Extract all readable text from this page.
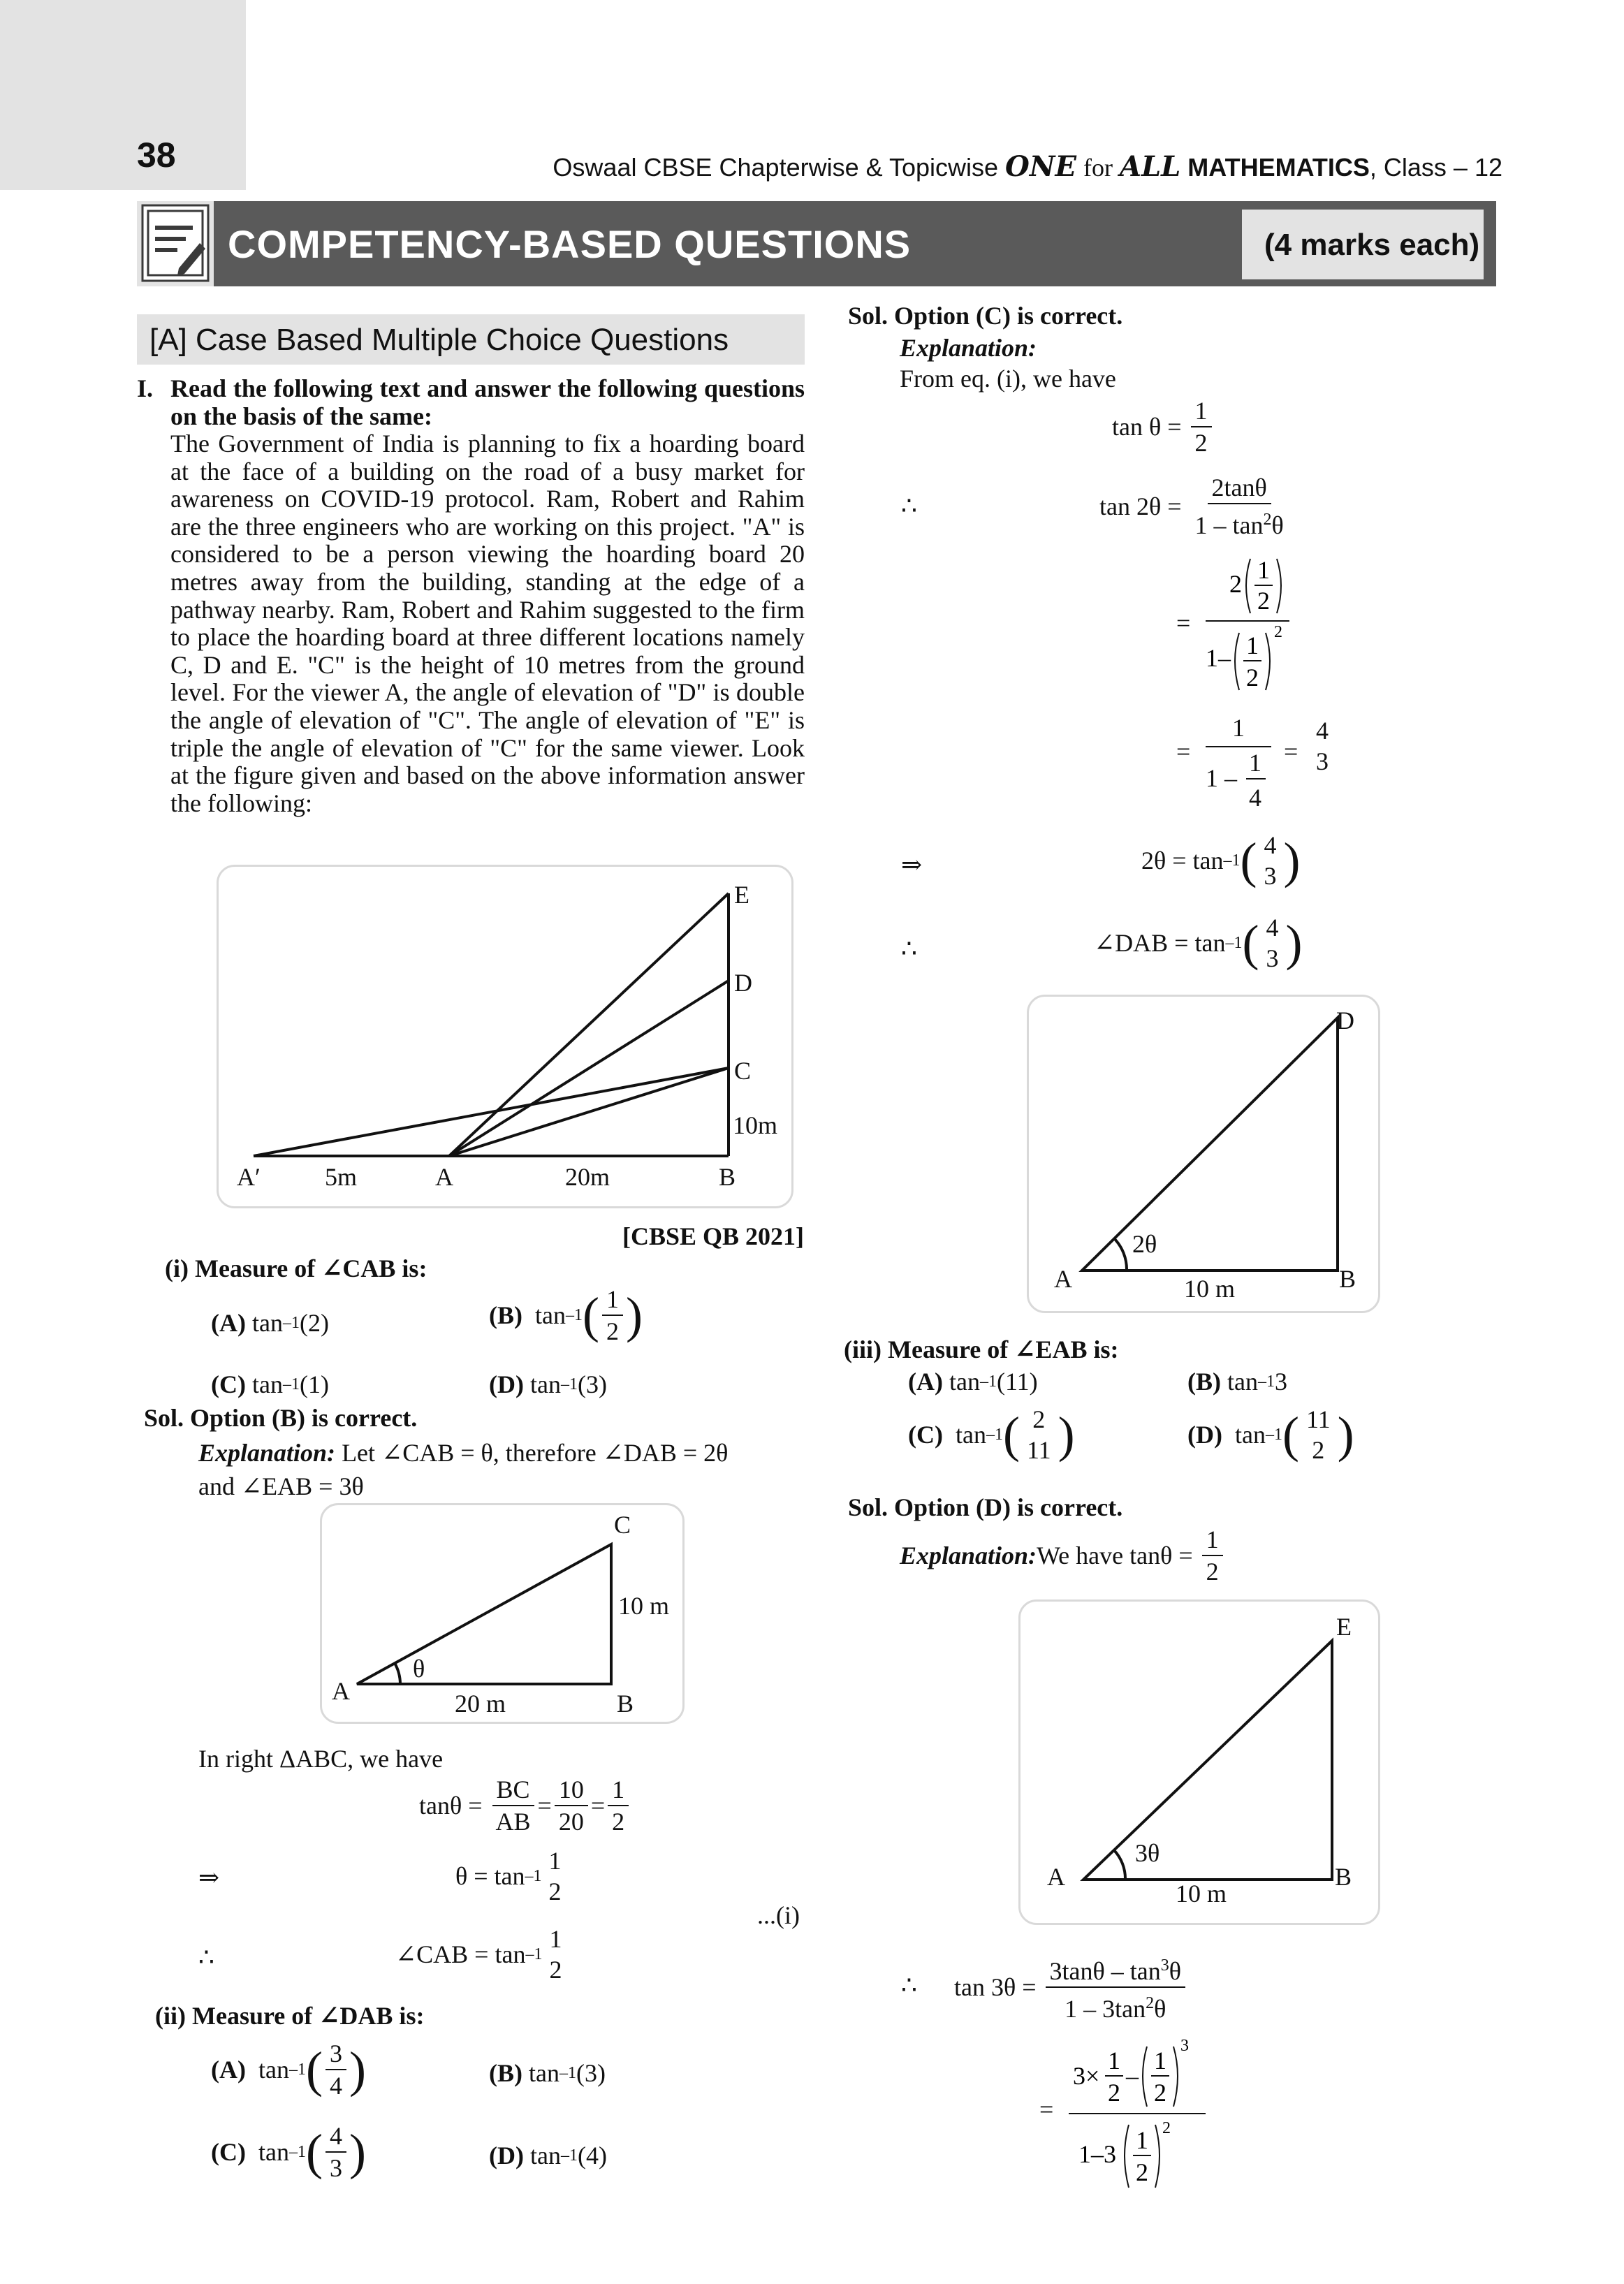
38	Oswaal CBSE Chapterwise & Topicwise ONE for ALL MATHEMATICS, Class – 12
COMPETENCY-BASED QUESTIONS	(4 marks each)
[A] Case Based Multiple Choice Questions
I. Read the following text and answer the following questions on the basis of the same:
The Government of India is planning to fix a hoarding board at the face of a building on the road of a busy market for awareness on COVID-19 protocol. Ram, Robert and Rahim are the three engineers who are working on this project. "A" is considered to be a person viewing the hoarding board 20 metres away from the building, standing at the edge of a pathway nearby. Ram, Robert and Rahim suggested to the firm to place the hoarding board at three different locations namely C, D and E. "C" is the height of 10 metres from the ground level. For the viewer A, the angle of elevation of "D" is double the angle of elevation of "C". The angle of elevation of "E" is triple the angle of elevation of "C" for the same viewer. Look at the figure given and based on the above information answer the following:
E
D
C
10m
A′	5m	A	20m	B
[CBSE QB 2021]
(i) Measure of ∠CAB is:
(A)
tan –1 (2)	(B)
tan –1 ( $\frac{1}{2}$ )
(C)
tan –1 (1)	(D)
tan –1 (3)
Sol. Option (B) is correct.
Explanation: Let ∠CAB = θ, therefore ∠DAB = 2θ
and ∠EAB = 3θ
C
10 m
A
θ
20 m	B
In right ΔABC, we have
tanθ =
$\frac{BC}{AB} = \frac{10}{20} = \frac{1}{2}$
⇒	θ =
tan –1
1
2
...(i)
∴	∠CAB =
tan –1
1
2
(ii) Measure of ∠DAB is:
(A)
tan –1 ( $\frac{3}{4}$ )	(B)
tan –1 (3)
(C)
tan –1 ( $\frac{4}{3}$ )	(D)
tan –1 (4)
Sol. Option (C) is correct.
Explanation:
From eq. (i), we have
tan θ =
$\frac{1}{2}$
∴	tan 2θ =
$\frac{2\tan\theta}{1 - \tan^2\theta}$
=
2 1
2
1– 1
2
2
=
1
1 –
1
4
=
4
3
⇒	2θ =
tan –1 ( 4
3 )
∴	∠DAB =
tan –1 ( 4
3 )
D
A
2θ
10 m	B
(iii) Measure of ∠EAB is:
(A)
tan –1 (11)	(B)
tan –1 3
(C)
tan –1 ( 2
11 )	(D)
tan –1 ( 11
2 )
Sol. Option (D) is correct.
Explanation: We have tanθ =
$\frac{1}{2}$
E
A
3θ
10 m
B
∴ tan 3θ =
$\frac{3\tan\theta - \tan^3\theta}{1 - 3\tan^2\theta}$
=
3×
1
2
–
1
2
3
1–3 1
2
2
